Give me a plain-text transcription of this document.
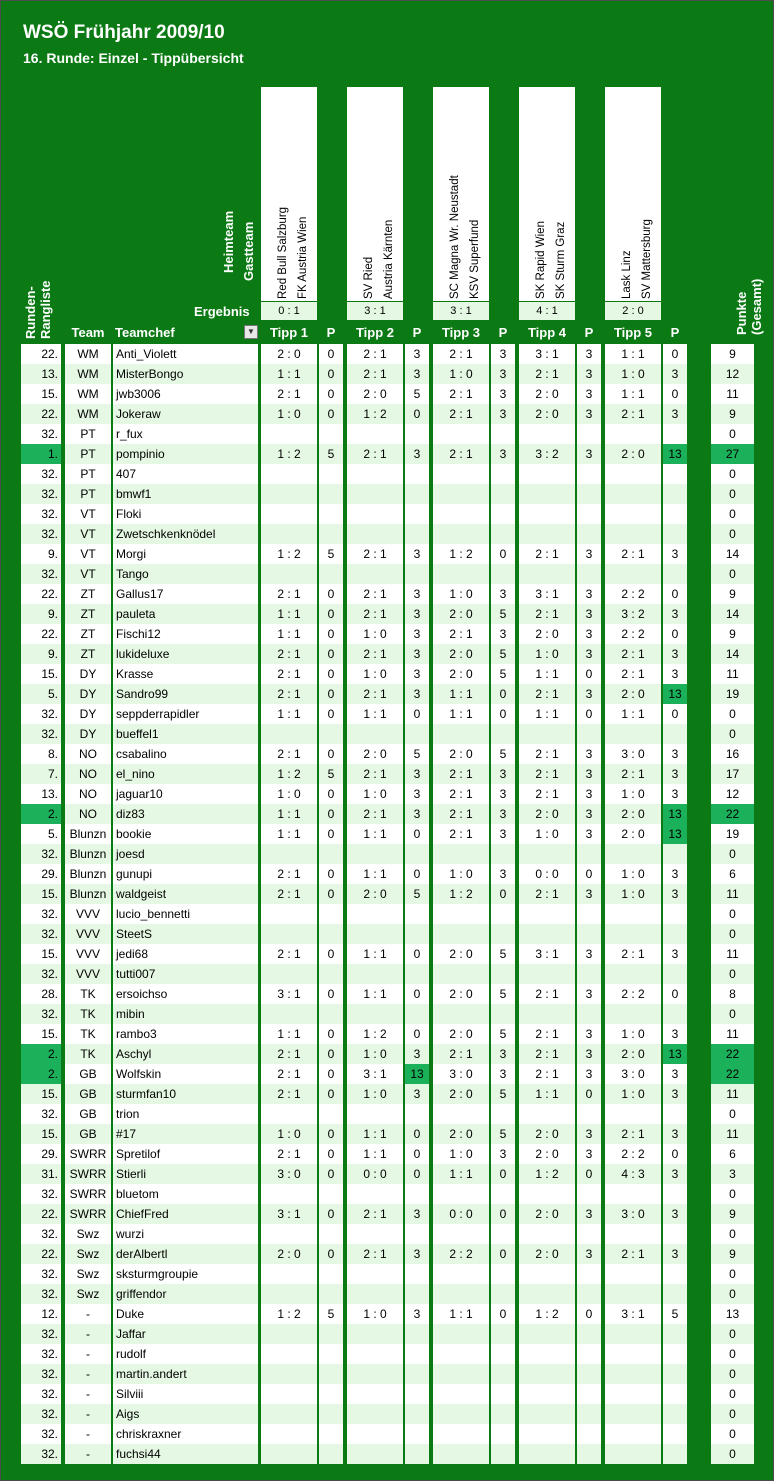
WSÖ Frühjahr 2009/10
16. Runde: Einzel - Tippübersicht
Runden-Rangliste
Heimteam Gastteam
Ergebnis	Punkte (Gesamt)
Red Bull Salzburg FK Austria Wien
0 : 1
SV Ried Austria Kärnten
3 : 1
SC Magna Wr. Neustadt KSV Superfund
3 : 1
SK Rapid Wien SK Sturm Graz
4 : 1
Lask Linz SV Mattersburg
2 : 0
Team Teamchef	▼	Tipp 1	P	Tipp 2	P	Tipp 3	P	Tipp 4	P	Tipp 5	P
22.	WM	Anti_Violett	2 : 0	0	2 : 1	3	2 : 1	3	3 : 1	3	1 : 1	0	9
13.	WM	MisterBongo	1 : 1	0	2 : 1	3	1 : 0	3	2 : 1	3	1 : 0	3	12
15.	WM	jwb3006	2 : 1	0	2 : 0	5	2 : 1	3	2 : 0	3	1 : 1	0	11
22.	WM	Jokeraw	1 : 0	0	1 : 2	0	2 : 1	3	2 : 0	3	2 : 1	3	9
32.	PT	r_fux	0
1.	PT	pompinio	1 : 2	5	2 : 1	3	2 : 1	3	3 : 2	3	2 : 0	13	27
32.	PT	407	0
32.	PT	bmwf1	0
32.	VT	Floki	0
32.	VT	Zwetschkenknödel	0
9.	VT	Morgi	1 : 2	5	2 : 1	3	1 : 2	0	2 : 1	3	2 : 1	3	14
32.	VT	Tango	0
22.	ZT	Gallus17	2 : 1	0	2 : 1	3	1 : 0	3	3 : 1	3	2 : 2	0	9
9.	ZT	pauleta	1 : 1	0	2 : 1	3	2 : 0	5	2 : 1	3	3 : 2	3	14
22.	ZT	Fischi12	1 : 1	0	1 : 0	3	2 : 1	3	2 : 0	3	2 : 2	0	9
9.	ZT	lukideluxe	2 : 1	0	2 : 1	3	2 : 0	5	1 : 0	3	2 : 1	3	14
15.	DY	Krasse	2 : 1	0	1 : 0	3	2 : 0	5	1 : 1	0	2 : 1	3	11
5.	DY	Sandro99	2 : 1	0	2 : 1	3	1 : 1	0	2 : 1	3	2 : 0	13	19
32.	DY	seppderrapidler	1 : 1	0	1 : 1	0	1 : 1	0	1 : 1	0	1 : 1	0	0
32.	DY	bueffel1	0
8.	NO	csabalino	2 : 1	0	2 : 0	5	2 : 0	5	2 : 1	3	3 : 0	3	16
7.	NO	el_nino	1 : 2	5	2 : 1	3	2 : 1	3	2 : 1	3	2 : 1	3	17
13.	NO	jaguar10	1 : 0	0	1 : 0	3	2 : 1	3	2 : 1	3	1 : 0	3	12
2.	NO	diz83	1 : 1	0	2 : 1	3	2 : 1	3	2 : 0	3	2 : 0	13	22
5. Blunzn bookie	1 : 1	0	1 : 1	0	2 : 1	3	1 : 0	3	2 : 0	13	19
32. Blunzn joesd	0
29. Blunzn gunupi	2 : 1	0	1 : 1	0	1 : 0	3	0 : 0	0	1 : 0	3	6
15. Blunzn waldgeist	2 : 1	0	2 : 0	5	1 : 2	0	2 : 1	3	1 : 0	3	11
32.	VVV	lucio_bennetti	0
32.	VVV	SteetS	0
15.	VVV	jedi68	2 : 1	0	1 : 1	0	2 : 0	5	3 : 1	3	2 : 1	3	11
32.	VVV	tutti007	0
28.	TK	ersoichso	3 : 1	0	1 : 1	0	2 : 0	5	2 : 1	3	2 : 2	0	8
32.	TK	mibin	0
15.	TK	rambo3	1 : 1	0	1 : 2	0	2 : 0	5	2 : 1	3	1 : 0	3	11
2.	TK	Aschyl	2 : 1	0	1 : 0	3	2 : 1	3	2 : 1	3	2 : 0	13	22
2.	GB	Wolfskin	2 : 1	0	3 : 1	13	3 : 0	3	2 : 1	3	3 : 0	3	22
15.	GB	sturmfan10	2 : 1	0	1 : 0	3	2 : 0	5	1 : 1	0	1 : 0	3	11
32.	GB	trion	0
15.	GB	#17	1 : 0	0	1 : 1	0	2 : 0	5	2 : 0	3	2 : 1	3	11
29. SWRR Spretilof	2 : 1	0	1 : 1	0	1 : 0	3	2 : 0	3	2 : 2	0	6
31. SWRR Stierli	3 : 0	0	0 : 0	0	1 : 1	0	1 : 2	0	4 : 3	3	3
32. SWRR bluetom	0
22. SWRR ChiefFred	3 : 1	0	2 : 1	3	0 : 0	0	2 : 0	3	3 : 0	3	9
32.	Swz	wurzi	0
22.	Swz	derAlbertl	2 : 0	0	2 : 1	3	2 : 2	0	2 : 0	3	2 : 1	3	9
32.	Swz	sksturmgroupie	0
32.	Swz	griffendor	0
12.	-	Duke	1 : 2	5	1 : 0	3	1 : 1	0	1 : 2	0	3 : 1	5	13
32.	-	Jaffar	0
32.	-	rudolf	0
32.	-	martin.andert	0
32.	-	Silviii	0
32.	-	Aigs	0
32.	-	chriskraxner	0
32.	-	fuchsi44	0
